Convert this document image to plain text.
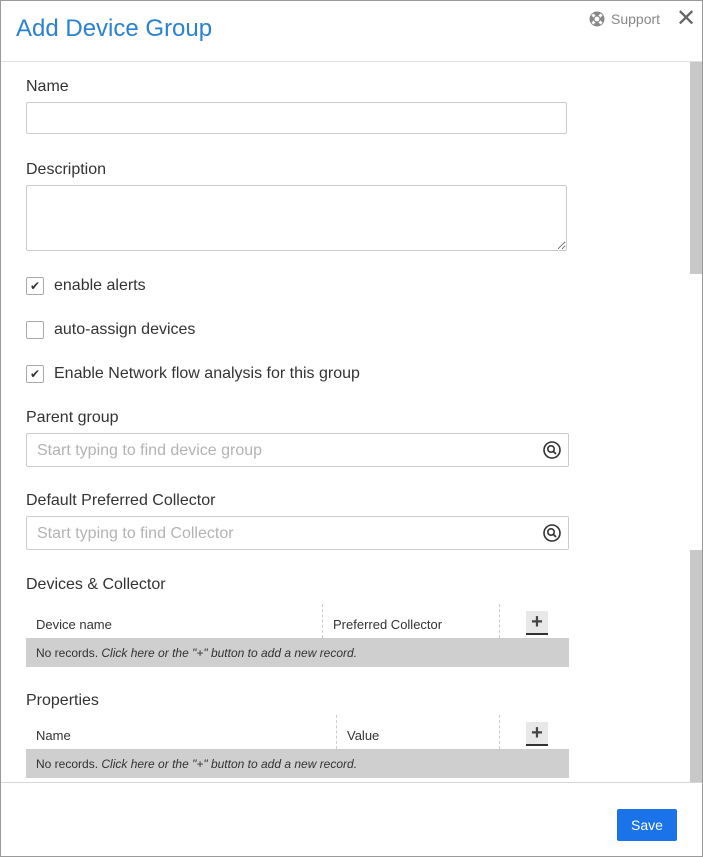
Add Device Group	Support ✕
Name
Description
✔ enable alerts
auto-assign devices
✔ Enable Network flow analysis for this group
Parent group
Start typing to find device group
Default Preferred Collector
Start typing to find Collector
Devices & Collector
Device name	Preferred Collector	+
No records. Click here or the "+" button to add a new record.
Properties
Name	Value	+
No records. Click here or the "+" button to add a new record.
Save
